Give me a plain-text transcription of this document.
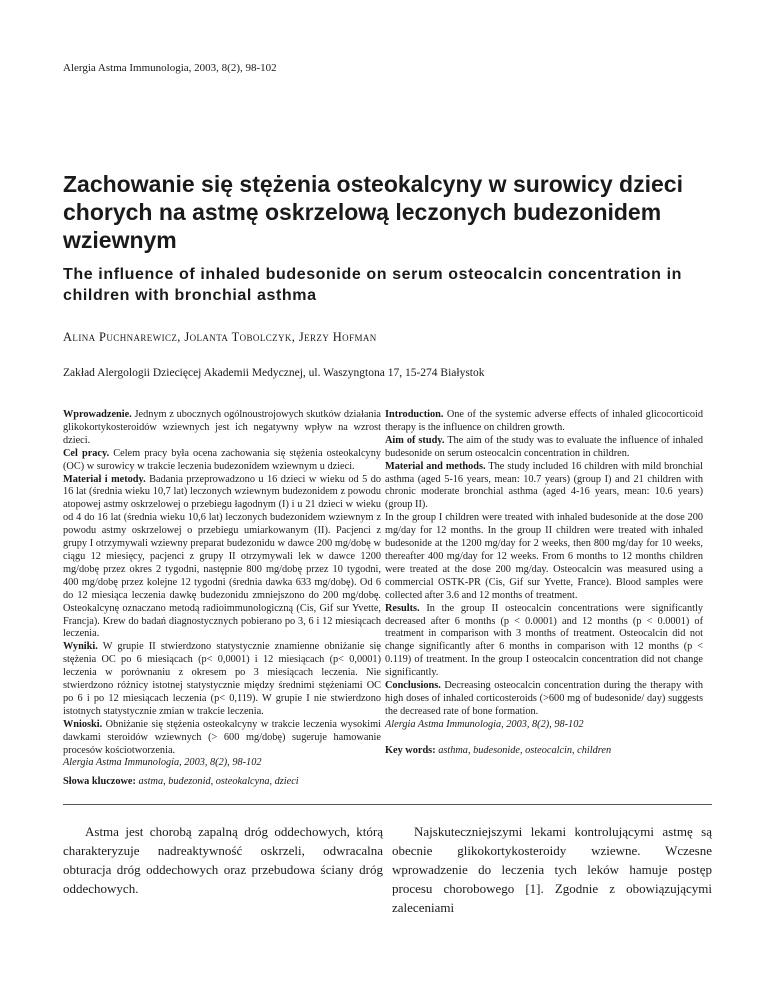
Alergia Astma Immunologia, 2003, 8(2), 98-102
Zachowanie się stężenia osteokalcyny w surowicy dzieci chorych na astmę oskrzelową leczonych budezonidem wziewnym
The influence of inhaled budesonide on serum osteocalcin concentration in children with bronchial asthma
Alina Puchnarewicz, Jolanta Tobolczyk, Jerzy Hofman
Zakład Alergologii Dziecięcej Akademii Medycznej, ul. Waszyngtona 17, 15-274 Białystok

Wprowadzenie. Jednym z ubocznych ogólnoustrojowych skutków działania glikokortykosteroidów wziewnych jest ich negatywny wpływ na wzrost dzieci.

Cel pracy. Celem pracy była ocena zachowania się stężenia osteokalcyny (OC) w surowicy w trakcie leczenia budezonidem wziewnym u dzieci.

Materiał i metody. Badania przeprowadzono u 16 dzieci w wieku od 5 do 16 lat (średnia wieku 10,7 lat) leczonych wziewnym budezonidem z powodu atopowej astmy oskrzelowej o przebiegu łagodnym (I) i u 21 dzieci w wieku od 4 do 16 lat (średnia wieku 10,6 lat) leczonych budezonidem wziewnym z powodu astmy oskrzelowej o przebiegu umiarkowanym (II). Pacjenci z grupy I otrzymywali wziewny preparat budezonidu w dawce 200 mg/dobę w ciągu 12 miesięcy, pacjenci z grupy II otrzymywali lek w dawce 1200 mg/dobę przez okres 2 tygodni, następnie 800 mg/dobę przez 10 tygodni, 400 mg/dobę przez kolejne 12 tygodni (średnia dawka 633 mg/dobę). Od 6 do 12 miesiąca leczenia dawkę budezonidu zmniejszono do 200 mg/dobę. Osteokalcynę oznaczano metodą radioimmunologiczną (Cis, Gif sur Yvette, Francja). Krew do badań diagnostycznych pobierano po 3, 6 i 12 miesiącach leczenia.

Wyniki. W grupie II stwierdzono statystycznie znamienne obniżanie się stężenia OC po 6 miesiącach (p< 0,0001) i 12 miesiącach (p< 0,0001) leczenia w porównaniu z okresem po 3 miesiącach leczenia. Nie stwierdzono różnicy istotnej statystycznie między średnimi stężeniami OC po 6 i po 12 miesiącach leczenia (p< 0,119). W grupie I nie stwierdzono istotnych statystycznie zmian w trakcie leczenia.

Wnioski. Obniżanie się stężenia osteokalcyny w trakcie leczenia wysokimi dawkami steroidów wziewnych (> 600 mg/dobę) sugeruje hamowanie procesów kościotworzenia.

Alergia Astma Immunologia, 2003, 8(2), 98-102

Introduction. One of the systemic adverse effects of inhaled glicocorticoid therapy is the influence on children growth.

Aim of study. The aim of the study was to evaluate the influence of inhaled budesonide on serum osteocalcin concentration in children.

Material and methods. The study included 16 children with mild bronchial asthma (aged 5-16 years, mean: 10.7 years) (group I) and 21 children with chronic moderate bronchial asthma (aged 4-16 years, mean: 10.6 years) (group II).

In the group I children were treated with inhaled budesonide at the dose 200 mg/day for 12 months. In the group II children were treated with inhaled budesonide at the 1200 mg/day for 2 weeks, then 800 mg/day for 10 weeks, thereafter 400 mg/day for 12 weeks. From 6 months to 12 months children were treated at the dose 200 mg/day. Osteocalcin was measured using a commercial OSTK-PR (Cis, Gif sur Yvette, France). Blood samples were collected after 3.6 and 12 months of treatment.

Results. In the group II osteocalcin concentrations were significantly decreased after 6 months (p < 0.0001) and 12 months (p < 0.0001) of treatment in comparison with 3 months of treatment. Osteocalcin did not change significantly after 6 months in comparison with 12 months (p < 0.119) of treatment. In the group I osteocalcin concentration did not change significantly.

Conclusions. Decreasing osteocalcin concentration during the therapy with high doses of inhaled corticosteroids (>600 mg of budesonide/ day) suggests the decreased rate of bone formation.

Alergia Astma Immunologia, 2003, 8(2), 98-102

Key words: asthma, budesonide, osteocalcin, children

Słowa kluczowe: astma, budezonid, osteokalcyna, dzieci

Astma jest chorobą zapalną dróg oddechowych, którą charakteryzuje nadreaktywność oskrzeli, odwracalna obturacja dróg oddechowych oraz przebudowa ściany dróg oddechowych.

Najskuteczniejszymi lekami kontrolującymi astmę są obecnie glikokortykosteroidy wziewne. Wczesne wprowadzenie do leczenia tych leków hamuje postęp procesu chorobowego [1]. Zgodnie z obowiązującymi zaleceniami
